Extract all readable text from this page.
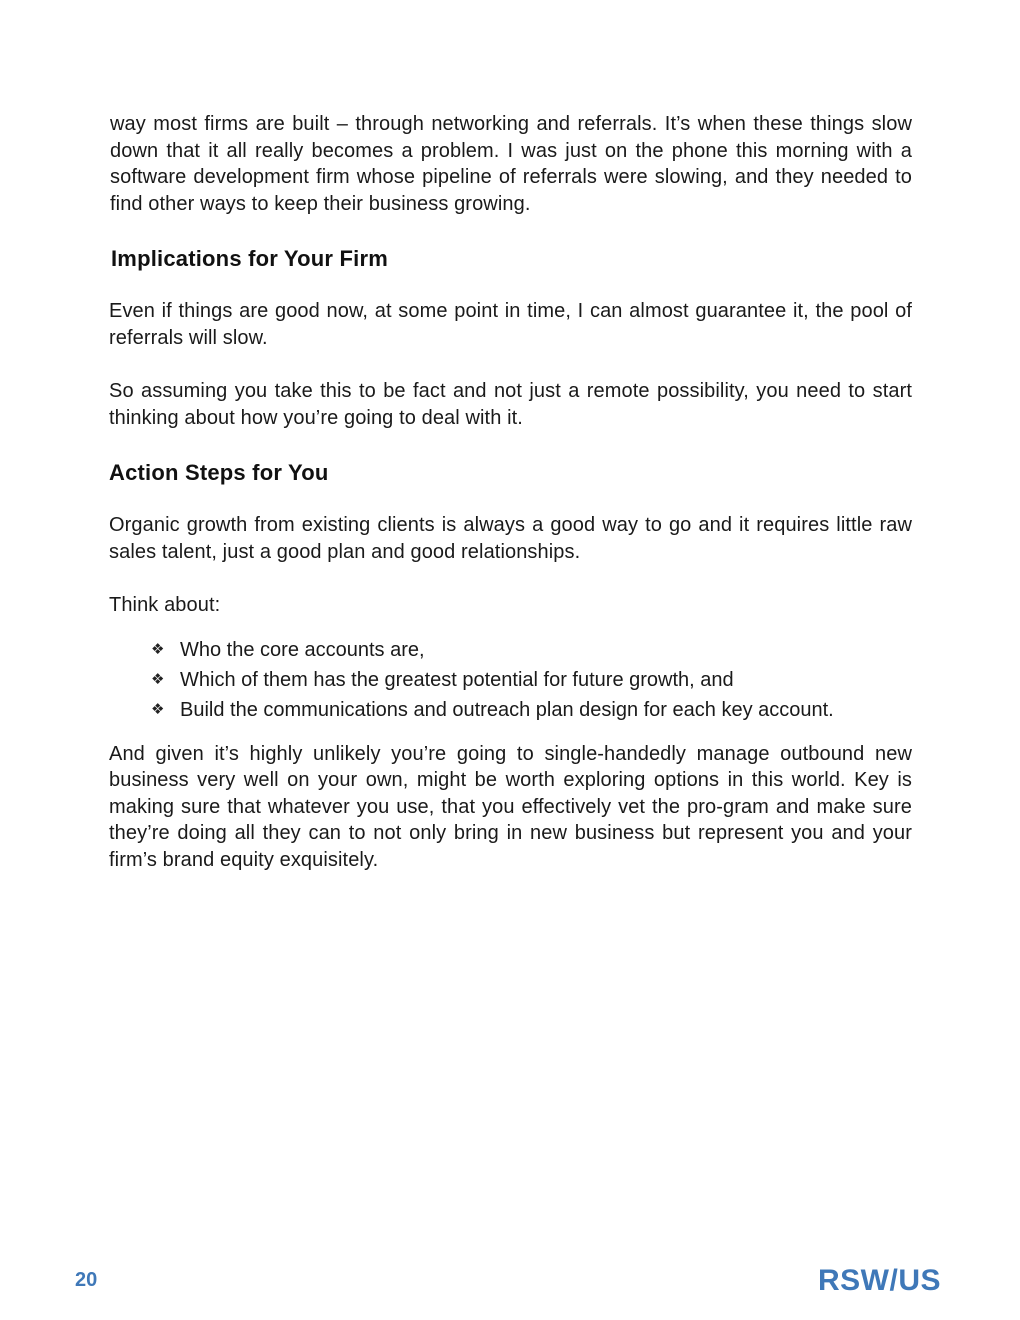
way most firms are built – through networking and referrals. It’s when these things slow down that it all really becomes a problem. I was just on the phone this morning with a software development firm whose pipeline of referrals were slowing, and they needed to find other ways to keep their business growing.

Implications for Your Firm

Even if things are good now, at some point in time, I can almost guarantee it, the pool of referrals will slow.

So assuming you take this to be fact and not just a remote possibility, you need to start thinking about how you’re going to deal with it.

Action Steps for You

Organic growth from existing clients is always a good way to go and it requires little raw sales talent, just a good plan and good relationships.

Think about:

❖ Who the core accounts are,
❖ Which of them has the greatest potential for future growth, and
❖ Build the communications and outreach plan design for each key account.

And given it’s highly unlikely you’re going to single-handedly manage outbound new business very well on your own, might be worth exploring options in this world. Key is making sure that whatever you use, that you effectively vet the pro-gram and make sure they’re doing all they can to not only bring in new business but represent you and your firm’s brand equity exquisitely.

20	RSW/US
